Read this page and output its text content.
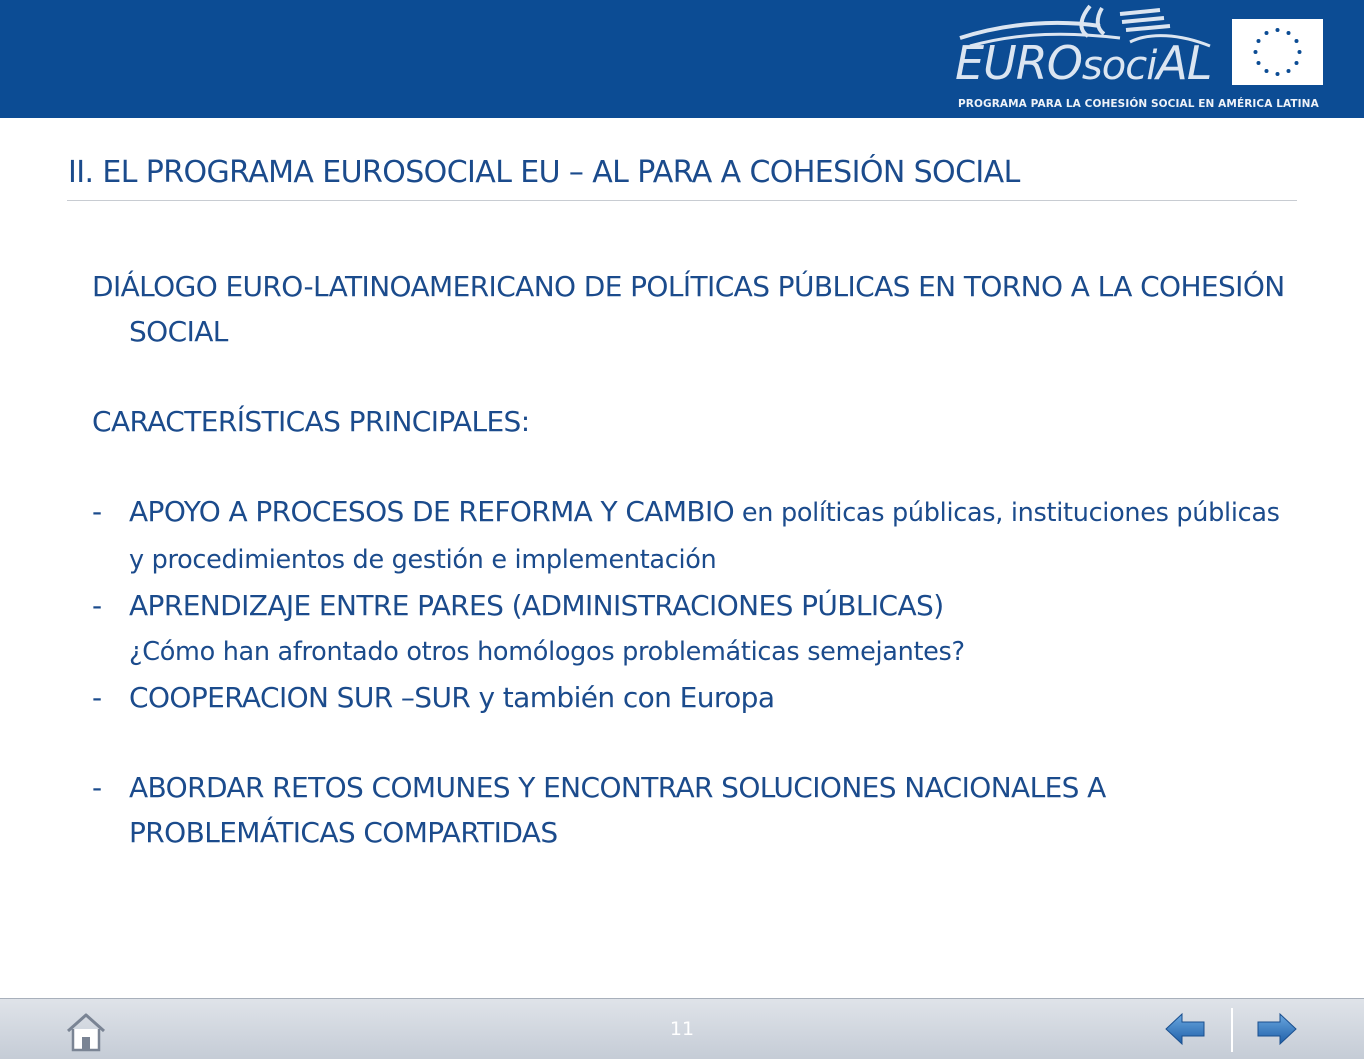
EUROsociAL
PROGRAMA PARA LA COHESIÓN SOCIAL EN AMÉRICA LATINA
II. EL PROGRAMA EUROSOCIAL EU – AL PARA A COHESIÓN SOCIAL

DIÁLOGO EURO-LATINOAMERICANO DE POLÍTICAS PÚBLICAS EN TORNO A LA COHESIÓN SOCIAL

CARACTERÍSTICAS PRINCIPALES:

- APOYO A PROCESOS DE REFORMA Y CAMBIO en políticas públicas, instituciones públicas y procedimientos de gestión e implementación

- APRENDIZAJE ENTRE PARES (ADMINISTRACIONES PÚBLICAS)
¿Cómo han afrontado otros homólogos problemáticas semejantes?

- COOPERACION SUR –SUR y también con Europa

- ABORDAR RETOS COMUNES Y ENCONTRAR SOLUCIONES NACIONALES A PROBLEMÁTICAS COMPARTIDAS

11
